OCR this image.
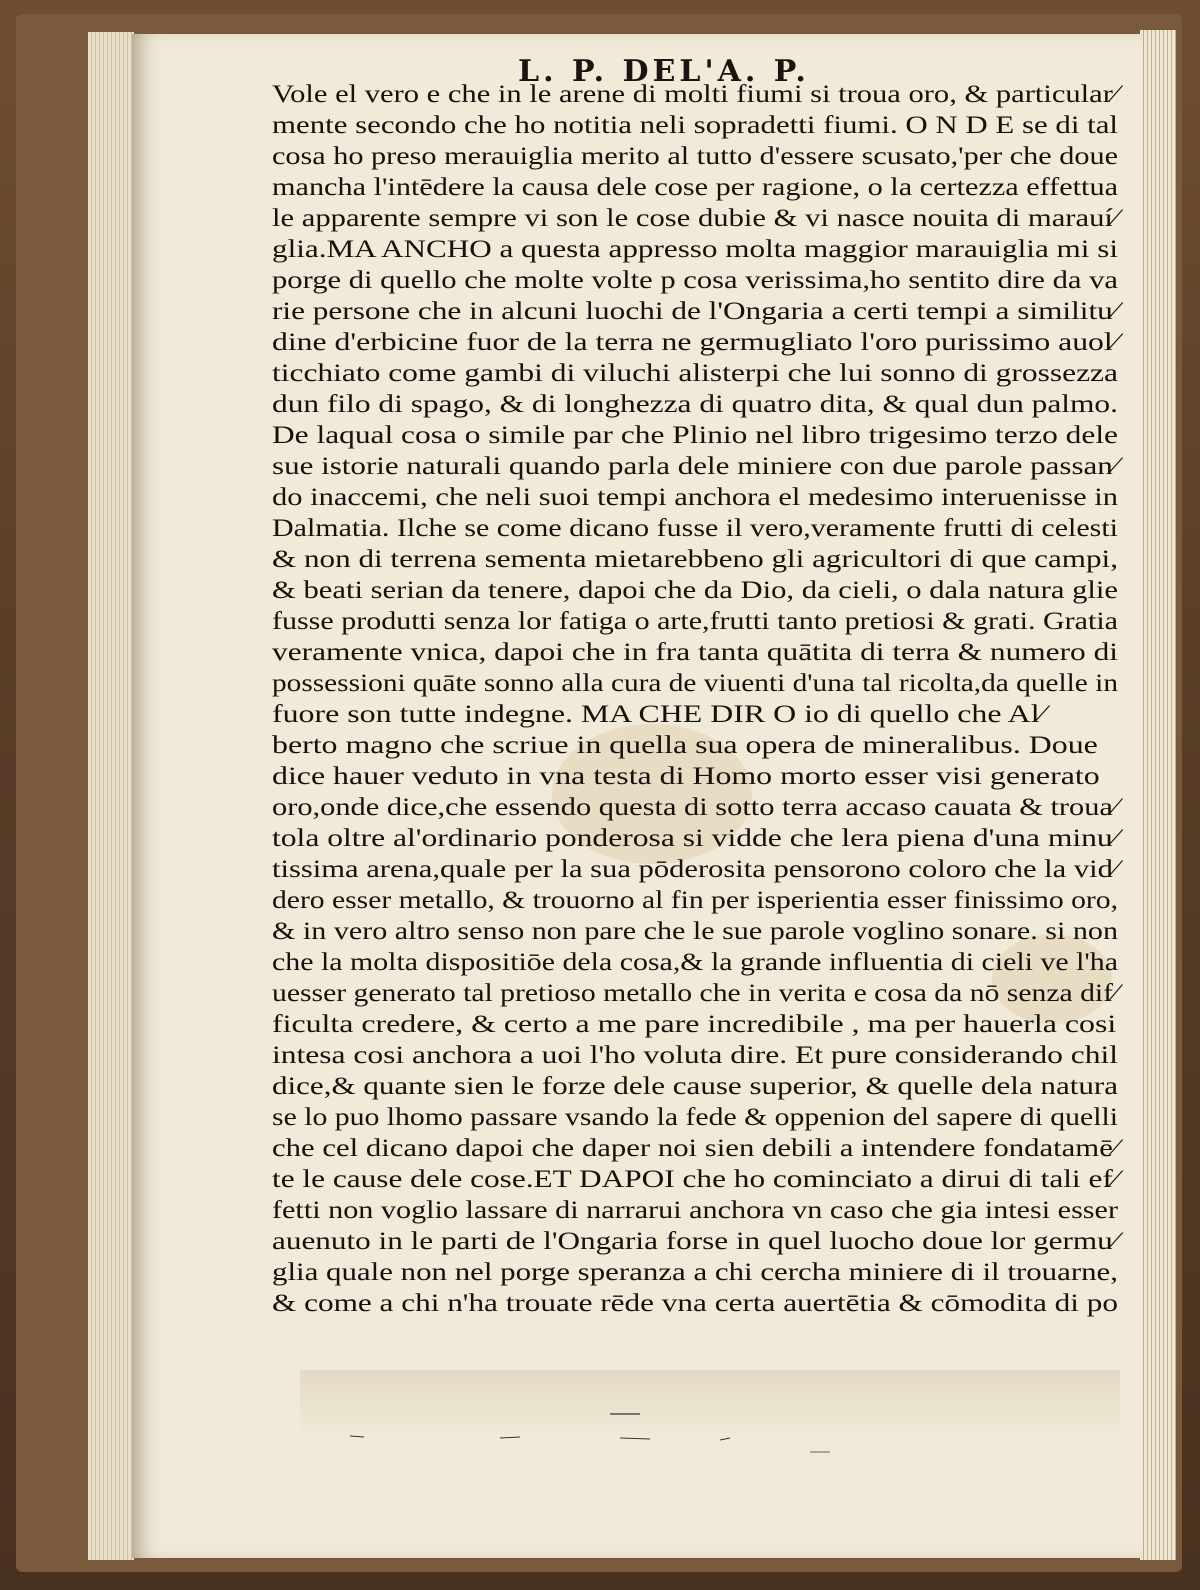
L. P. DEL'A. P.
Vole el vero e che in le arene di molti fiumi si troua oro, & particular⁄
mente secondo che ho notitia neli sopradetti fiumi. O N D E se di tal
cosa ho preso merauiglia merito al tutto d'essere scusato,'per che doue
mancha l'intēdere la causa dele cose per ragione, o la certezza effettua
le apparente sempre vi son le cose dubie & vi nasce nouita di marauí⁄
glia.MA ANCHO a questa appresso molta maggior marauiglia mi si
porge di quello che molte volte p cosa verissima,ho sentito dire da va
rie persone che in alcuni luochi de l'Ongaria a certi tempi a similitu⁄
dine d'erbicine fuor de la terra ne germugliato l'oro purissimo auol⁄
ticchiato come gambi di viluchi alisterpi che lui sonno di grossezza
dun filo di spago, & di longhezza di quatro dita, & qual dun palmo.
De laqual cosa o simile par che Plinio nel libro trigesimo terzo dele
sue istorie naturali quando parla dele miniere con due parole passan⁄
do inaccemi, che neli suoi tempi anchora el medesimo interuenisse in
Dalmatia. Ilche se come dicano fusse il vero,veramente frutti di celesti
& non di terrena sementa mietarebbeno gli agricultori di que campi,
& beati serian da tenere, dapoi che da Dio, da cieli, o dala natura glie
fusse produtti senza lor fatiga o arte,frutti tanto pretiosi & grati. Gratia
veramente vnica, dapoi che in fra tanta quātita di terra & numero di
possessioni quāte sonno alla cura de viuenti d'una tal ricolta,da quelle in
fuore son tutte indegne. MA CHE DIR O io di quello che Al⁄
berto magno che scriue in quella sua opera de mineralibus. Doue
dice hauer veduto in vna testa di Homo morto esser visi generato
oro,onde dice,che essendo questa di sotto terra accaso cauata & troua⁄
tola oltre al'ordinario ponderosa si vidde che lera piena d'una minu⁄
tissima arena,quale per la sua pōderosita pensorono coloro che la vid⁄
dero esser metallo, & trouorno al fin per isperientia esser finissimo oro,
& in vero altro senso non pare che le sue parole voglino sonare. si non
che la molta dispositiōe dela cosa,& la grande influentia di cieli ve l'ha
uesser generato tal pretioso metallo che in verita e cosa da nō senza dif⁄
ficulta credere, & certo a me pare incredibile , ma per hauerla cosi
intesa cosi anchora a uoi l'ho voluta dire. Et pure considerando chil
dice,& quante sien le forze dele cause superior, & quelle dela natura
se lo puo lhomo passare vsando la fede & oppenion del sapere di quelli
che cel dicano dapoi che daper noi sien debili a intendere fondatamē⁄
te le cause dele cose.ET DAPOI che ho cominciato a dirui di tali ef⁄
fetti non voglio lassare di narrarui anchora vn caso che gia intesi esser
auenuto in le parti de l'Ongaria forse in quel luocho doue lor germu⁄
glia quale non nel porge speranza a chi cercha miniere di il trouarne,
& come a chi n'ha trouate rēde vna certa auertētia & cōmodita di po
